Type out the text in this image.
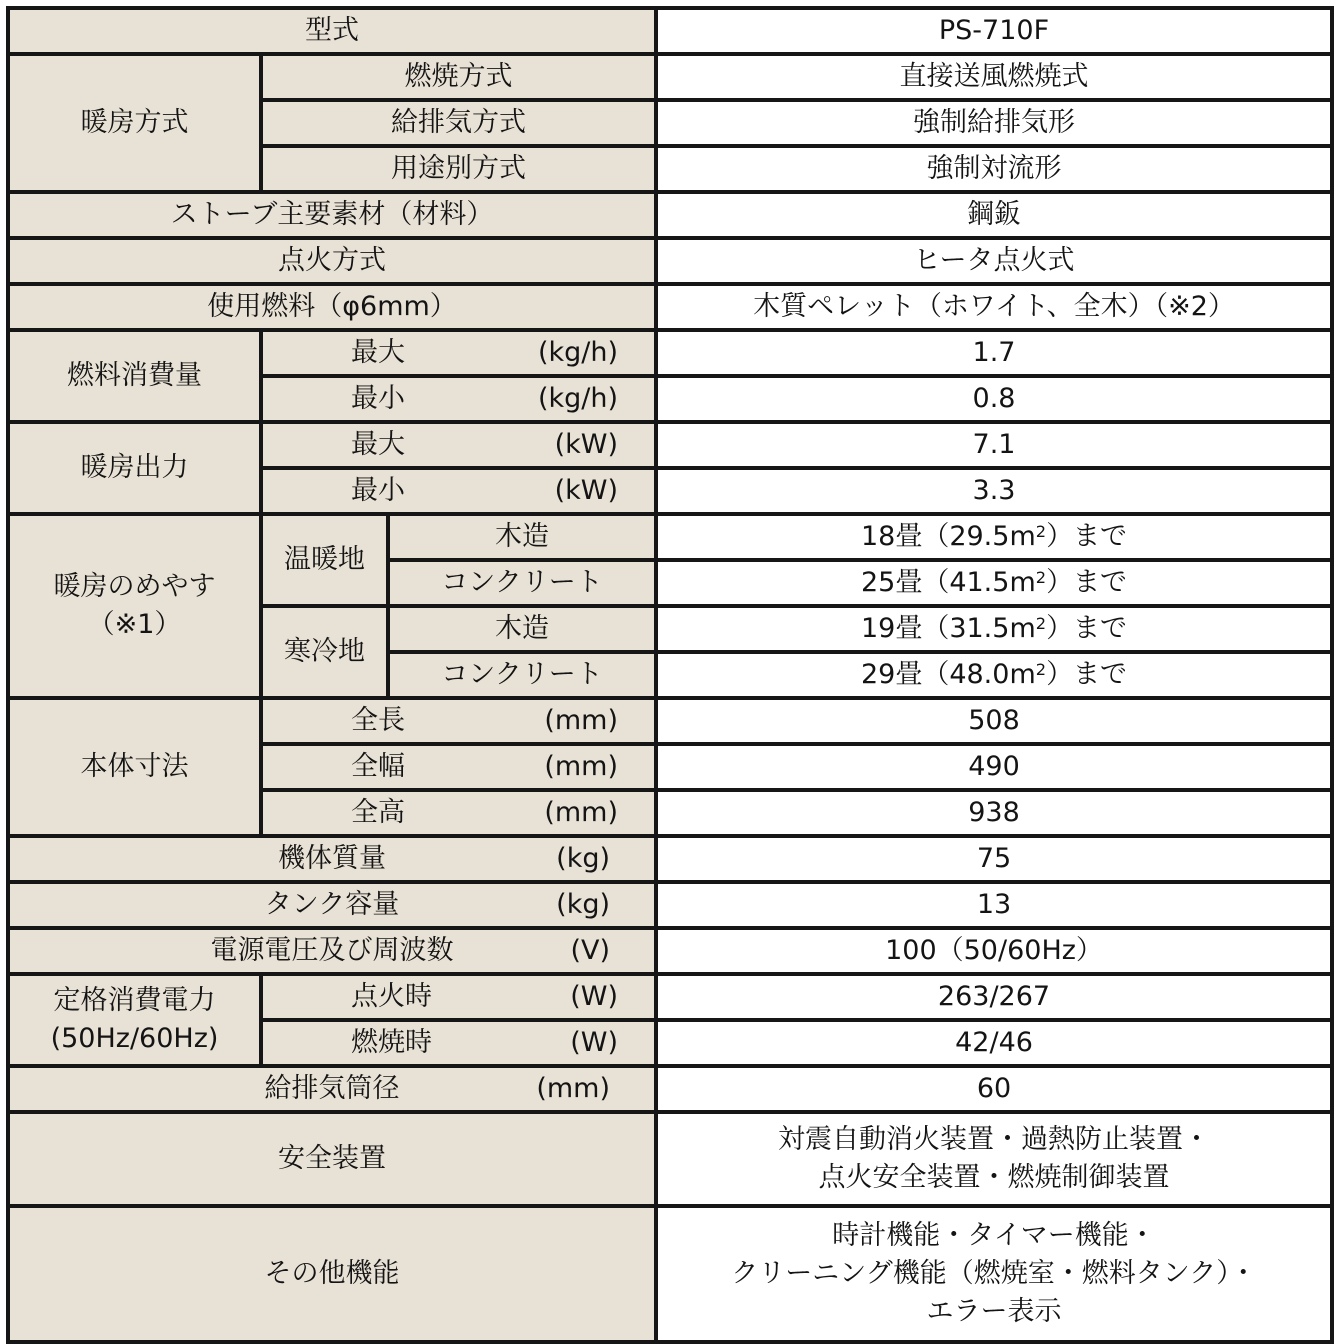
型式			PS-710F
暖房方式	燃焼方式		直接送風燃焼式
	給排気方式		強制給排気形
	用途別方式		強制対流形
ストーブ主要素材（材料）			鋼鈑
点火方式			ヒータ点火式
使用燃料（φ6mm）			木質ペレット（ホワイト、全木）（※2）
燃料消費量	最大 (kg/h)		1.7

	最小 (kg/h)		0.8
暖房出力	最大 (kW)		7.1

	最小 (kW)		3.3

暖房のめやす
（※1）	温暖地	木造	18畳$(29.5m^2)$まで
		コンクリート	25畳$(41.5m^2)$まで
	寒冷地	木造	19畳$(31.5m^2)$まで
		コンクリート	29畳$(48.0m^2)$まで
本体寸法	全長 (mm)		508

	全幅 (mm)		490

	全高 (mm)		938
機体質量 (kg)			75
タンク容量 (kg)			13
電源電圧及び周波数 (V)			100（50/60Hz）

定格消費電力
(50Hz/60Hz)	点火時 (W)		263/267

	燃焼時 (W)		42/46
給排気筒径 (mm)			60
安全装置			対震自動消火装置・過熱防止装置・
点火安全装置・燃焼制御装置

その他機能			時計機能・タイマー機能・
クリーニング機能（燃焼室・燃料タンク）・
エラー表示
